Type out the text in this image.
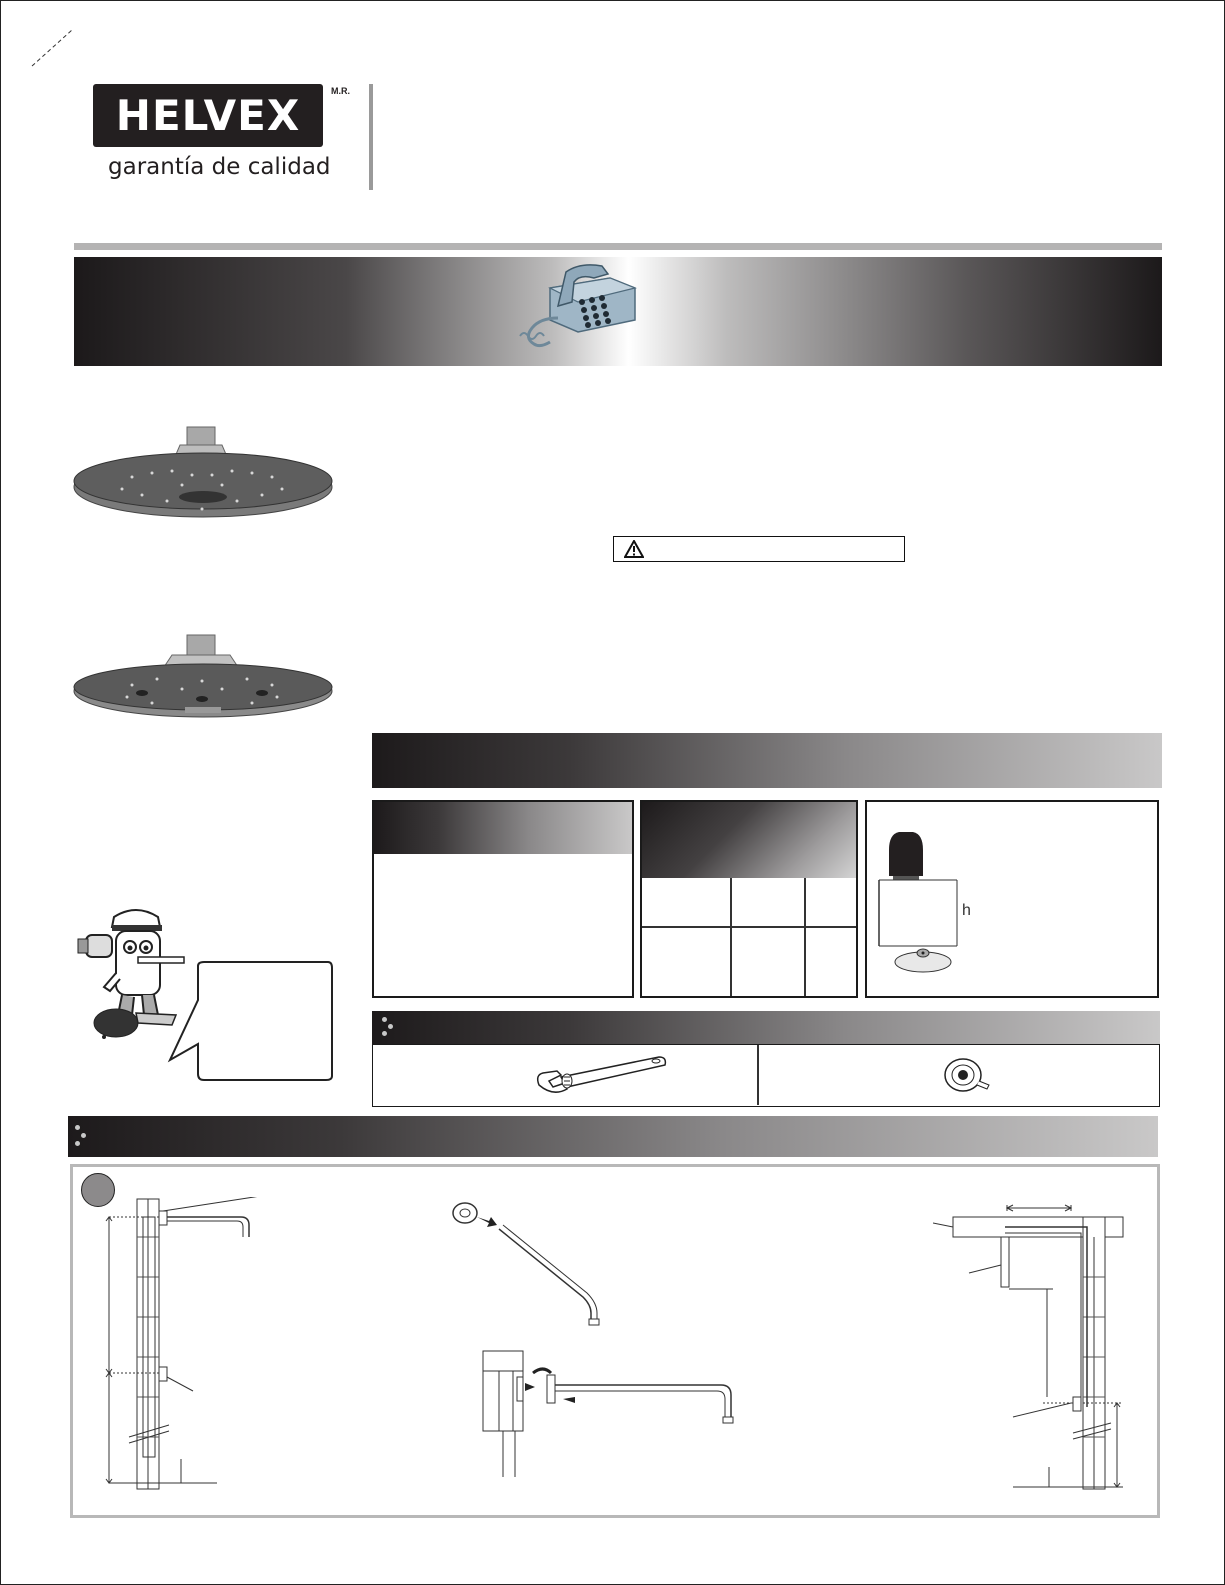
HELVEX	M.R.
garantía de calidad
h
